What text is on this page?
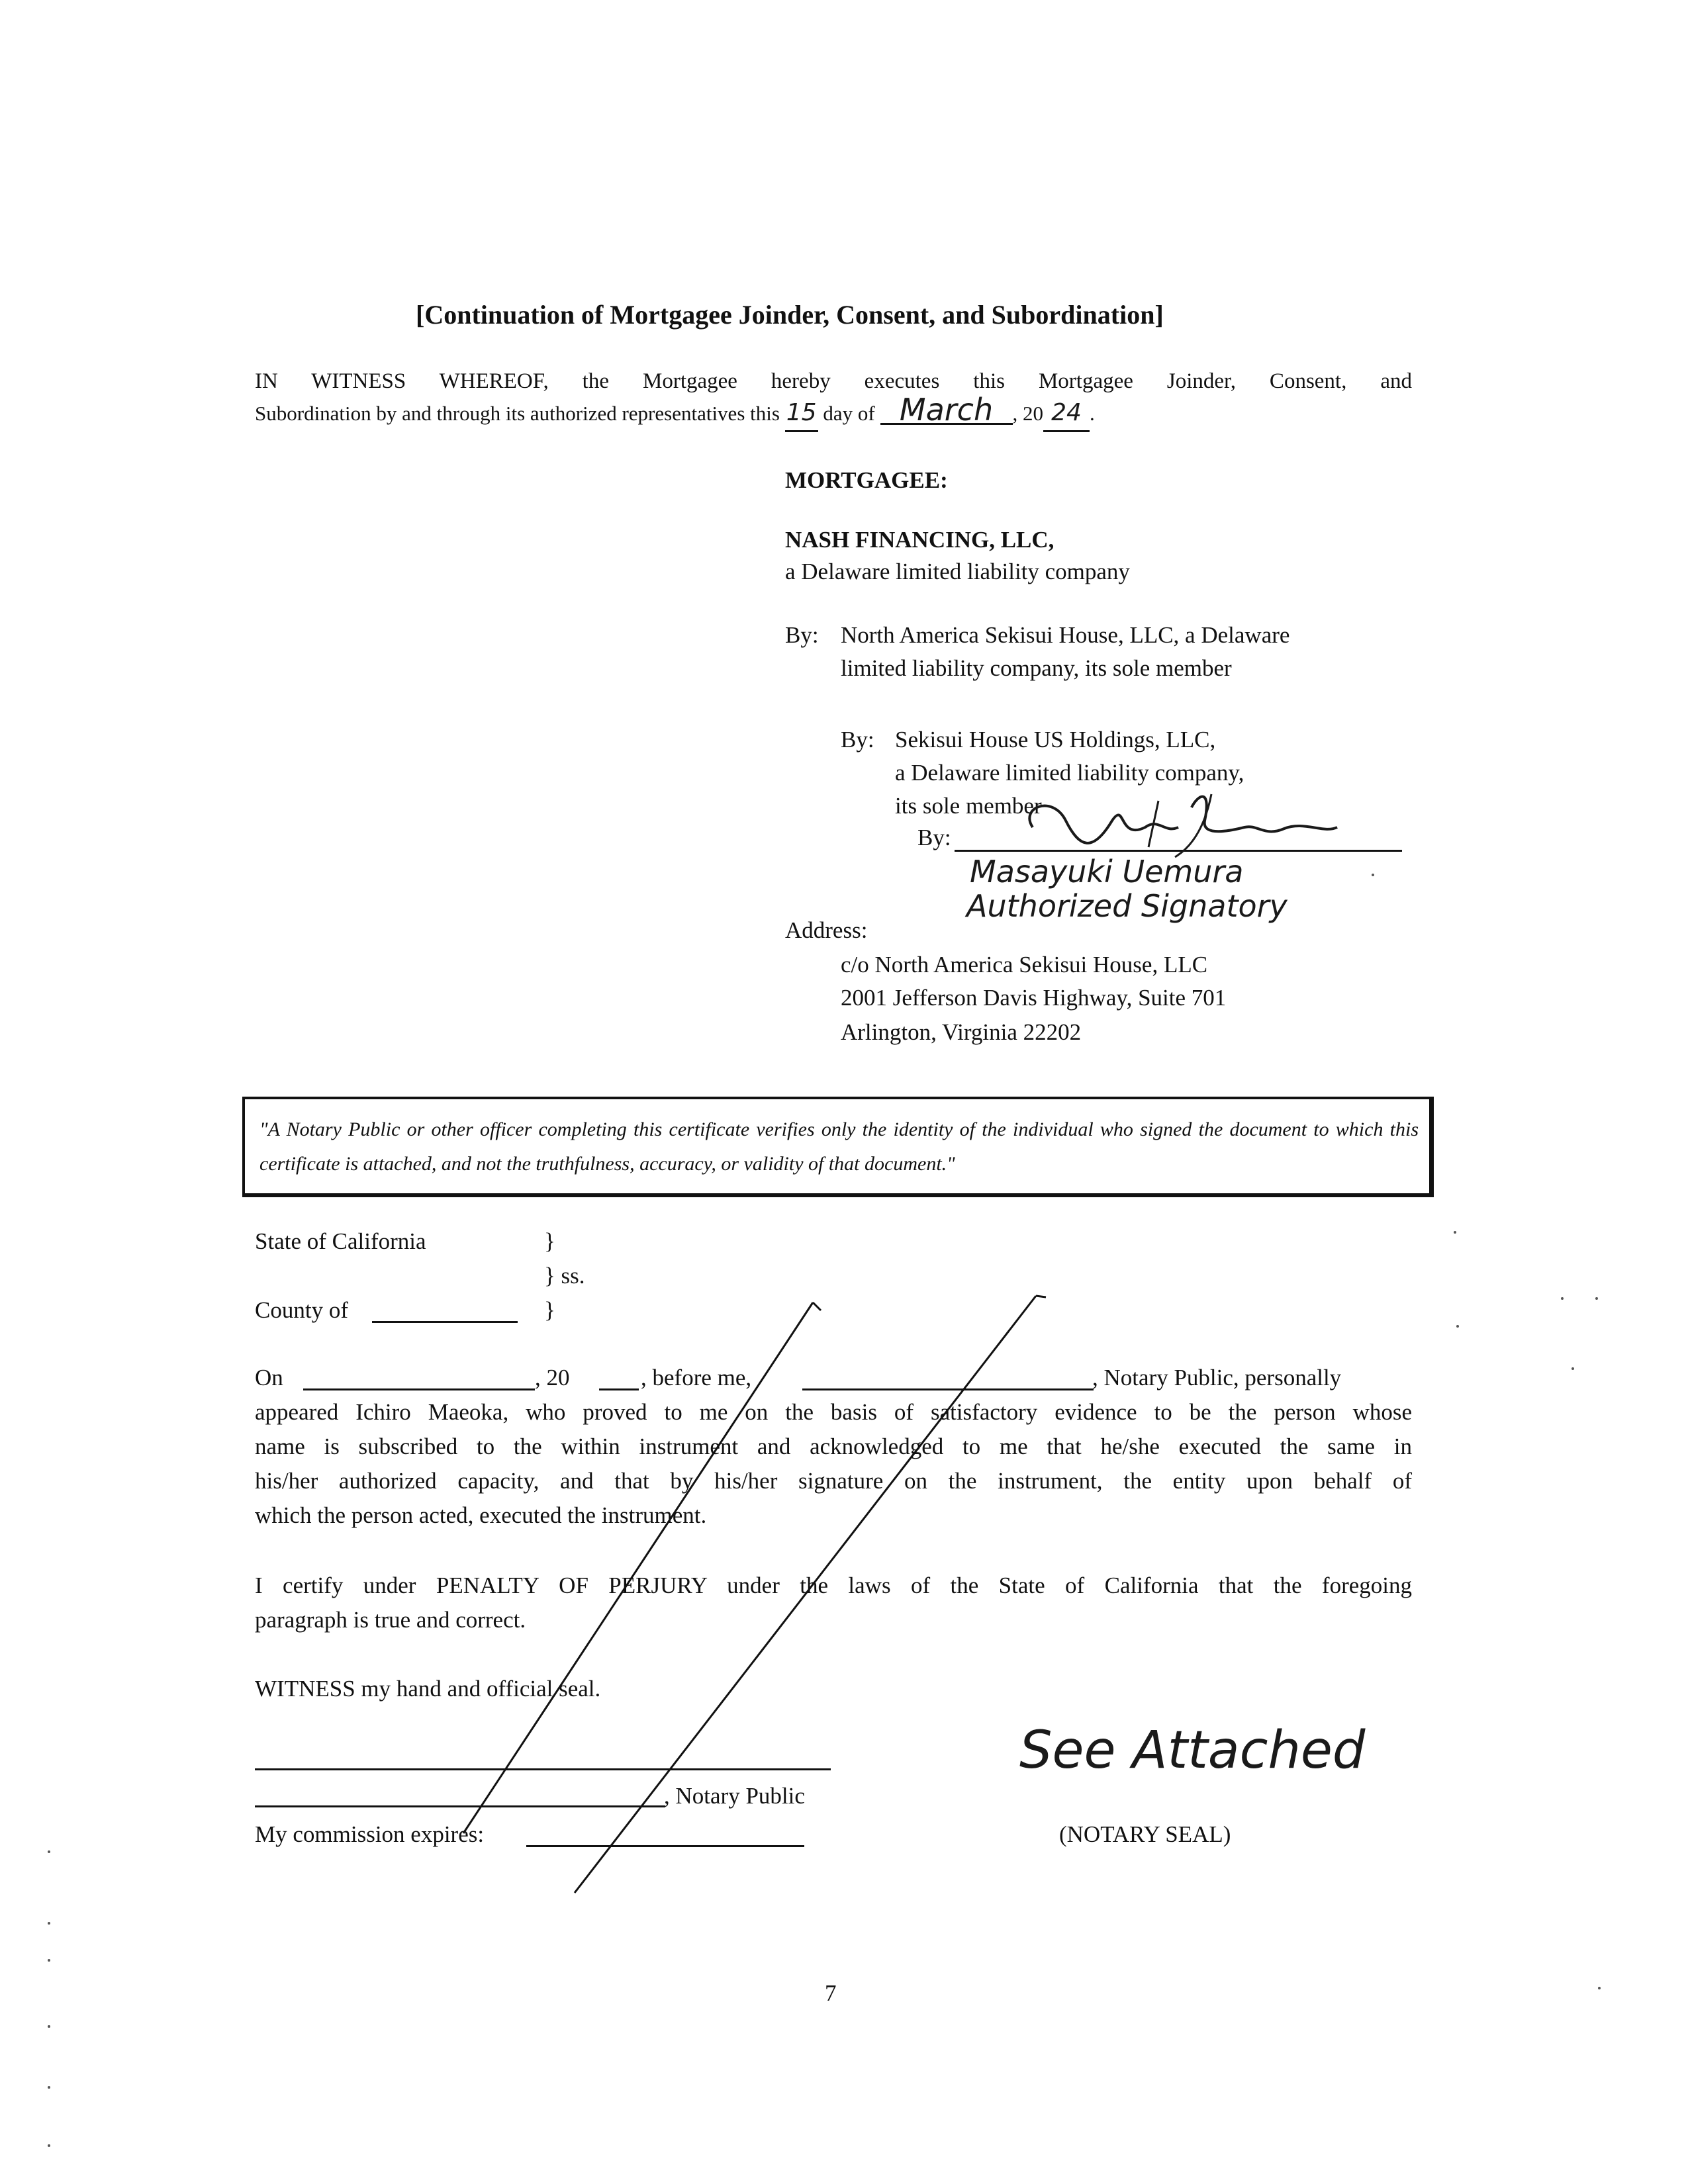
[Continuation of Mortgagee Joinder, Consent, and Subordination]
IN WITNESS WHEREOF, the Mortgagee hereby executes this Mortgagee Joinder, Consent, and
Subordination by and through its authorized representatives this 15 day of March , 20 24 .
MORTGAGEE:
NASH FINANCING, LLC,
a Delaware limited liability company
By: North America Sekisui House, LLC, a Delaware
limited liability company, its sole member
By: Sekisui House US Holdings, LLC,
a Delaware limited liability company,
its sole member
By:
Masayuki Uemura
Authorized Signatory
Address:
c/o North America Sekisui House, LLC
2001 Jefferson Davis Highway, Suite 701
Arlington, Virginia 22202
"A Notary Public or other officer completing this certificate verifies only the identity of the individual who signed the document to which this certificate is attached, and not the truthfulness, accuracy, or validity of that document."
State of California	}
} ss.
County of	}
On	, 20	, before me,	, Notary Public, personally
appeared Ichiro Maeoka, who proved to me on the basis of satisfactory evidence to be the person whose
name is subscribed to the within instrument and acknowledged to me that he/she executed the same in
his/her authorized capacity, and that by his/her signature on the instrument, the entity upon behalf of
which the person acted, executed the instrument.
I certify under PENALTY OF PERJURY under the laws of the State of California that the foregoing
paragraph is true and correct.
WITNESS my hand and official seal.
, Notary Public
My commission expires:
See Attached
(NOTARY SEAL)
7
